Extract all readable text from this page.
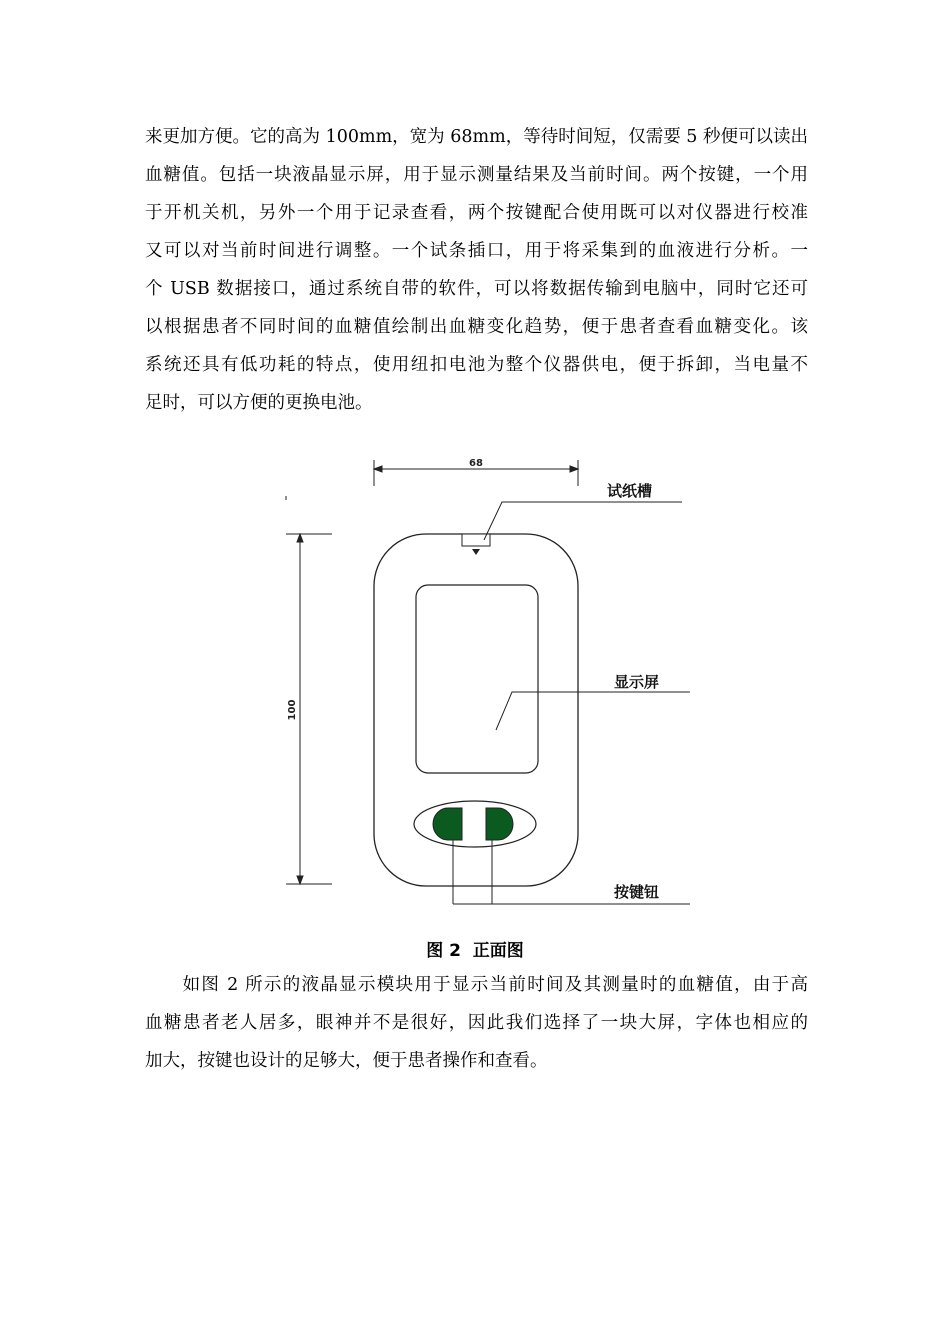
来更加方便。它的高为 100mm，宽为 68mm，等待时间短，仅需要 5 秒便可以读出
血糖值。包括一块液晶显示屏，用于显示测量结果及当前时间。两个按键，一个用
于开机关机，另外一个用于记录查看，两个按键配合使用既可以对仪器进行校准
又可以对当前时间进行调整。一个试条插口，用于将采集到的血液进行分析。一
个 USB 数据接口，通过系统自带的软件，可以将数据传输到电脑中，同时它还可
以根据患者不同时间的血糖值绘制出血糖变化趋势，便于患者查看血糖变化。该
系统还具有低功耗的特点，使用纽扣电池为整个仪器供电，便于拆卸，当电量不
足时，可以方便的更换电池。
68
100
试纸槽
显示屏
按键钮
图 2 正面图
　　如图 2 所示的液晶显示模块用于显示当前时间及其测量时的血糖值，由于高
血糖患者老人居多，眼神并不是很好，因此我们选择了一块大屏，字体也相应的
加大，按键也设计的足够大，便于患者操作和查看。
